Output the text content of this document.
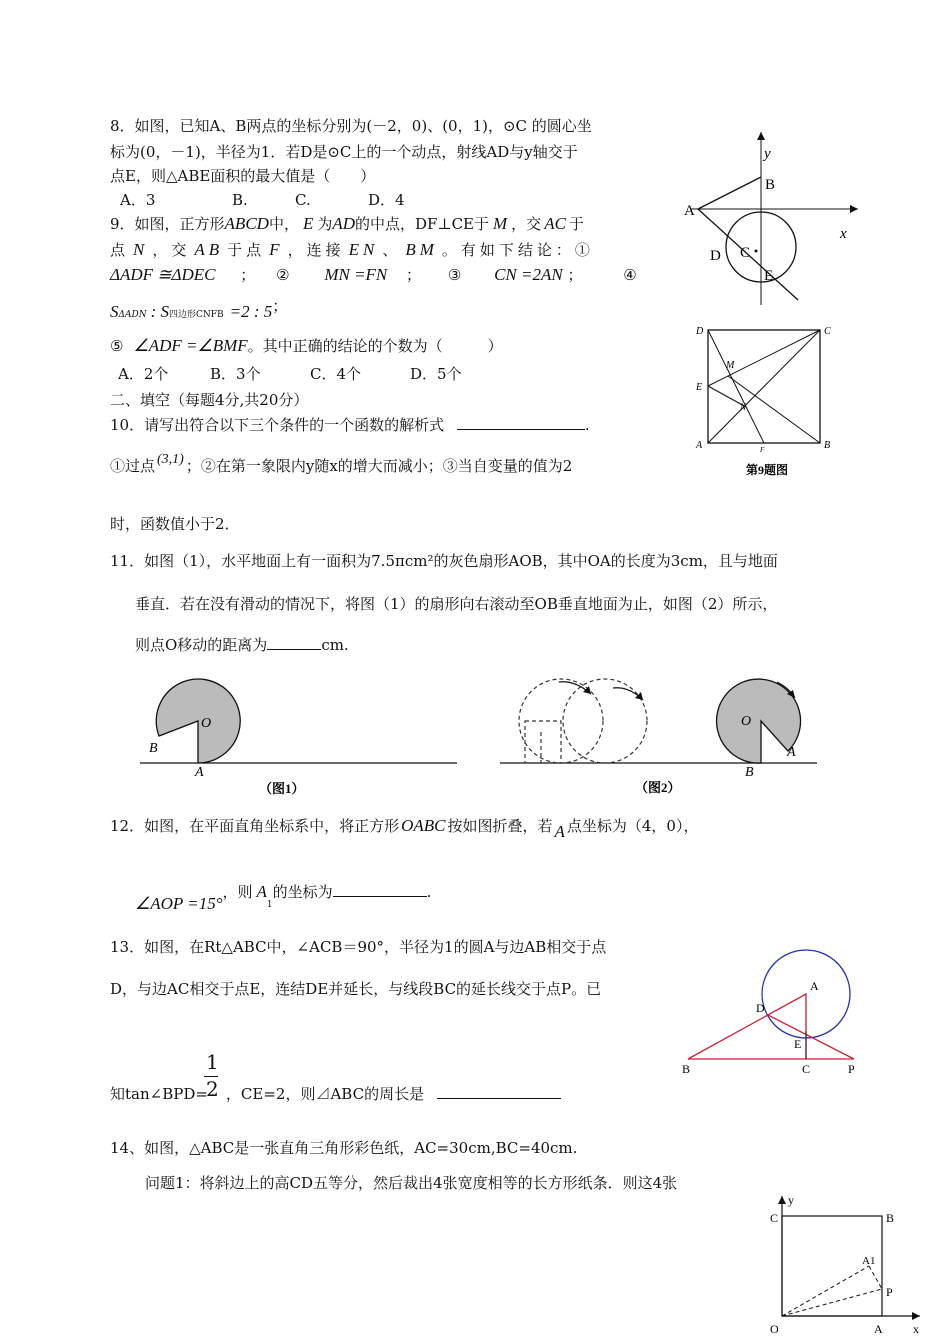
8．如图，已知A、B两点的坐标分别为(－2，0)、(0，1)，⊙C 的圆心坐
标为(0，－1)，半径为1．若D是⊙C上的一个动点，射线AD与y轴交于
点E，则△ABE面积的最大值是（　　）
A．3	B.	C.	D．4
y
x
A
B
C
D
E
9．如图，正方形ABCD中， E 为AD的中点，DF⊥CE于 M ，交 AC 于
点 N ，交 AB 于点 F ，连接 EN 、 BM 。有如下结论：①
ΔADF ≅ΔDEC ； ② MN =FN ； ③ CN =2AN ；	④
SΔADN : S四边形CNFB =2 : 5；
⑤ ∠ADF =∠BMF。其中正确的结论的个数为（　　　）
A．2个	B．3个	C．4个	D．5个
D	C
M
E
N
A	B
F
第9题图
二、填空（每题4分,共20分）
10．请写出符合以下三个条件的一个函数的解析式	.
①过点 (3,1) ；②在第一象限内y随x的增大而减小；③当自变量的值为2
时，函数值小于2．
11．如图（1），水平地面上有一面积为7.5πcm²的灰色扇形AOB，其中OA的长度为3cm，且与地面
垂直．若在没有滑动的情况下，将图（1）的扇形向右滚动至OB垂直地面为止，如图（2）所示，
则点O移动的距离为	cm.
O
B
A
（图1）
O
A
B
（图2）
12．如图，在平面直角坐标系中，将正方形 OABC 按如图折叠，若 A 点坐标为（4，0），
∠AOP =15°，则 $A_1$的坐标为	.
C	B
y
A1
P
O	A	x
13．如图，在Rt△ABC中，∠ACB＝90°，半径为1的圆A与边AB相交于点
D，与边AC相交于点E，连结DE并延长，与线段BC的延长线交于点P。已
1
2
知tan∠BPD= ，CE=2，则⊿ABC的周长是
A
D
E
B	C	P
14、如图，△ABC是一张直角三角形彩色纸，AC=30cm,BC=40cm.
问题1：将斜边上的高CD五等分，然后裁出4张宽度相等的长方形纸条．则这4张
